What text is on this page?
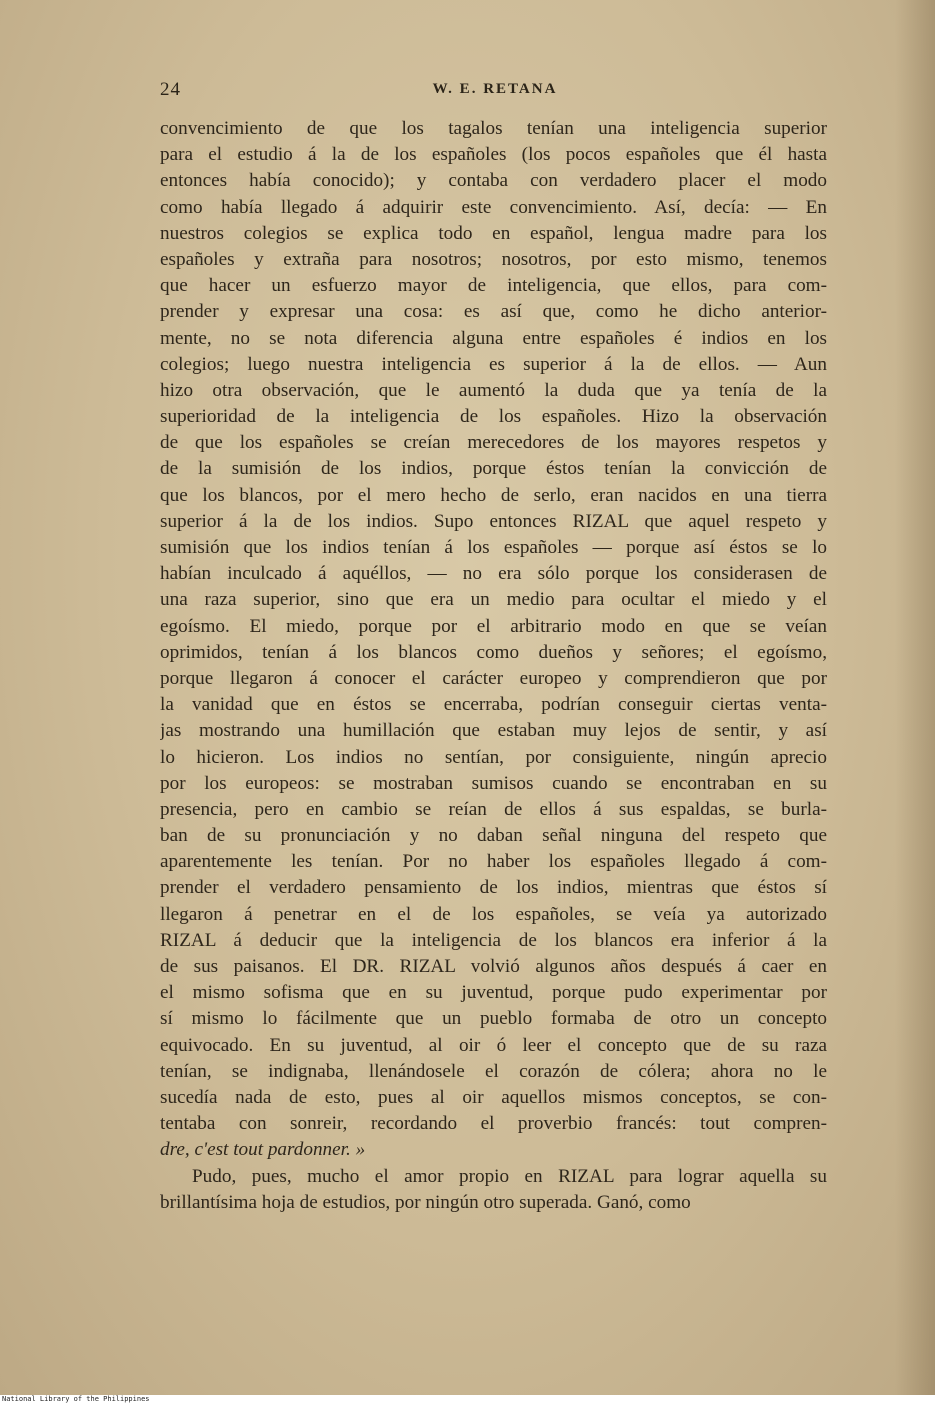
24	W. E. RETANA
convencimiento de que los tagalos tenían una inteligencia superior
para el estudio á la de los españoles (los pocos españoles que él hasta
entonces había conocido); y contaba con verdadero placer el modo
como había llegado á adquirir este convencimiento. Así, decía: — En
nuestros colegios se explica todo en español, lengua madre para los
españoles y extraña para nosotros; nosotros, por esto mismo, tenemos
que hacer un esfuerzo mayor de inteligencia, que ellos, para com-
prender y expresar una cosa: es así que, como he dicho anterior-
mente, no se nota diferencia alguna entre españoles é indios en los
colegios; luego nuestra inteligencia es superior á la de ellos. — Aun
hizo otra observación, que le aumentó la duda que ya tenía de la
superioridad de la inteligencia de los españoles. Hizo la observación
de que los españoles se creían merecedores de los mayores respetos y
de la sumisión de los indios, porque éstos tenían la convicción de
que los blancos, por el mero hecho de serlo, eran nacidos en una tierra
superior á la de los indios. Supo entonces RIZAL que aquel respeto y
sumisión que los indios tenían á los españoles — porque así éstos se lo
habían inculcado á aquéllos, — no era sólo porque los considerasen de
una raza superior, sino que era un medio para ocultar el miedo y el
egoísmo. El miedo, porque por el arbitrario modo en que se veían
oprimidos, tenían á los blancos como dueños y señores; el egoísmo,
porque llegaron á conocer el carácter europeo y comprendieron que por
la vanidad que en éstos se encerraba, podrían conseguir ciertas venta-
jas mostrando una humillación que estaban muy lejos de sentir, y así
lo hicieron. Los indios no sentían, por consiguiente, ningún aprecio
por los europeos: se mostraban sumisos cuando se encontraban en su
presencia, pero en cambio se reían de ellos á sus espaldas, se burla-
ban de su pronunciación y no daban señal ninguna del respeto que
aparentemente les tenían. Por no haber los españoles llegado á com-
prender el verdadero pensamiento de los indios, mientras que éstos sí
llegaron á penetrar en el de los españoles, se veía ya autorizado
RIZAL á deducir que la inteligencia de los blancos era inferior á la
de sus paisanos. El DR. RIZAL volvió algunos años después á caer en
el mismo sofisma que en su juventud, porque pudo experimentar por
sí mismo lo fácilmente que un pueblo formaba de otro un concepto
equivocado. En su juventud, al oir ó leer el concepto que de su raza
tenían, se indignaba, llenándosele el corazón de cólera; ahora no le
sucedía nada de esto, pues al oir aquellos mismos conceptos, se con-
tentaba con sonreir, recordando el proverbio francés: tout compren-
dre, c'est tout pardonner. »
Pudo, pues, mucho el amor propio en RIZAL para lograr aquella su
brillantísima hoja de estudios, por ningún otro superada. Ganó, como
National Library of the Philippines
